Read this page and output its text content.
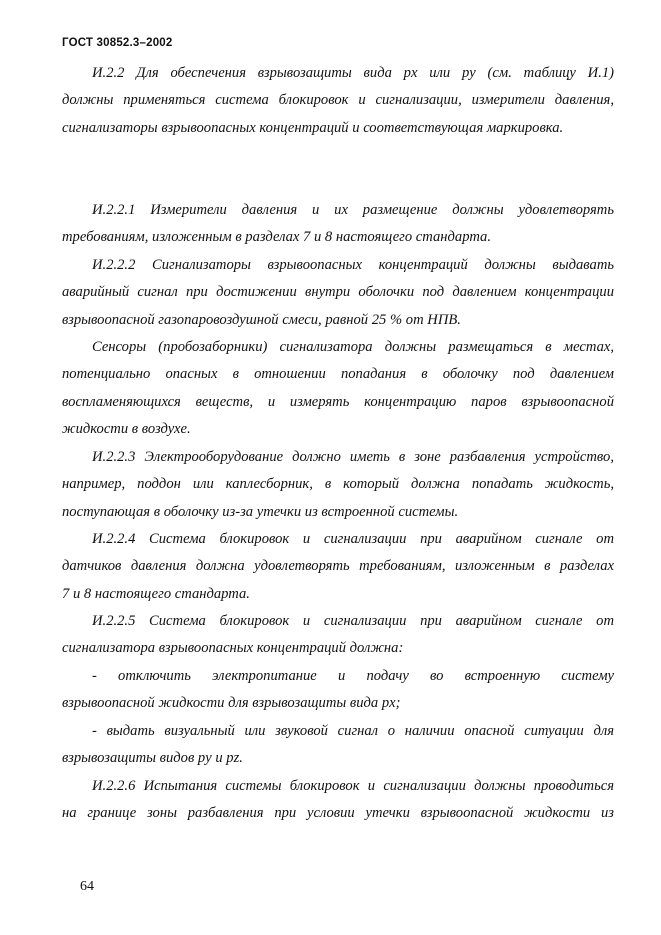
ГОСТ 30852.3–2002

И.2.2 Для обеспечения взрывозащиты вида px или py (см. таблицу И.1)
должны применяться система блокировок и сигнализации, измерители давления,
сигнализаторы взрывоопасных концентраций и соответствующая маркировка.

И.2.2.1 Измерители давления и их размещение должны удовлетворять
требованиям, изложенным в разделах 7 и 8 настоящего стандарта.

И.2.2.2 Сигнализаторы взрывоопасных концентраций должны выдавать
аварийный сигнал при достижении внутри оболочки под давлением концентрации
взрывоопасной газопаровоздушной смеси, равной 25 % от НПВ.

Сенсоры (пробозаборники) сигнализатора должны размещаться в местах,
потенциально опасных в отношении попадания в оболочку под давлением
воспламеняющихся веществ, и измерять концентрацию паров взрывоопасной
жидкости в воздухе.

И.2.2.3 Электрооборудование должно иметь в зоне разбавления устройство,
например, поддон или каплесборник, в который должна попадать жидкость,
поступающая в оболочку из-за утечки из встроенной системы.

И.2.2.4 Система блокировок и сигнализации при аварийном сигнале от
датчиков давления должна удовлетворять требованиям, изложенным в разделах
7 и 8 настоящего стандарта.

И.2.2.5 Система блокировок и сигнализации при аварийном сигнале от
сигнализатора взрывоопасных концентраций должна:

- отключить электропитание и подачу во встроенную систему
взрывоопасной жидкости для взрывозащиты вида px;

- выдать визуальный или звуковой сигнал о наличии опасной ситуации для
взрывозащиты видов py и pz.

И.2.2.6 Испытания системы блокировок и сигнализации должны проводиться
на границе зоны разбавления при условии утечки взрывоопасной жидкости из

64
